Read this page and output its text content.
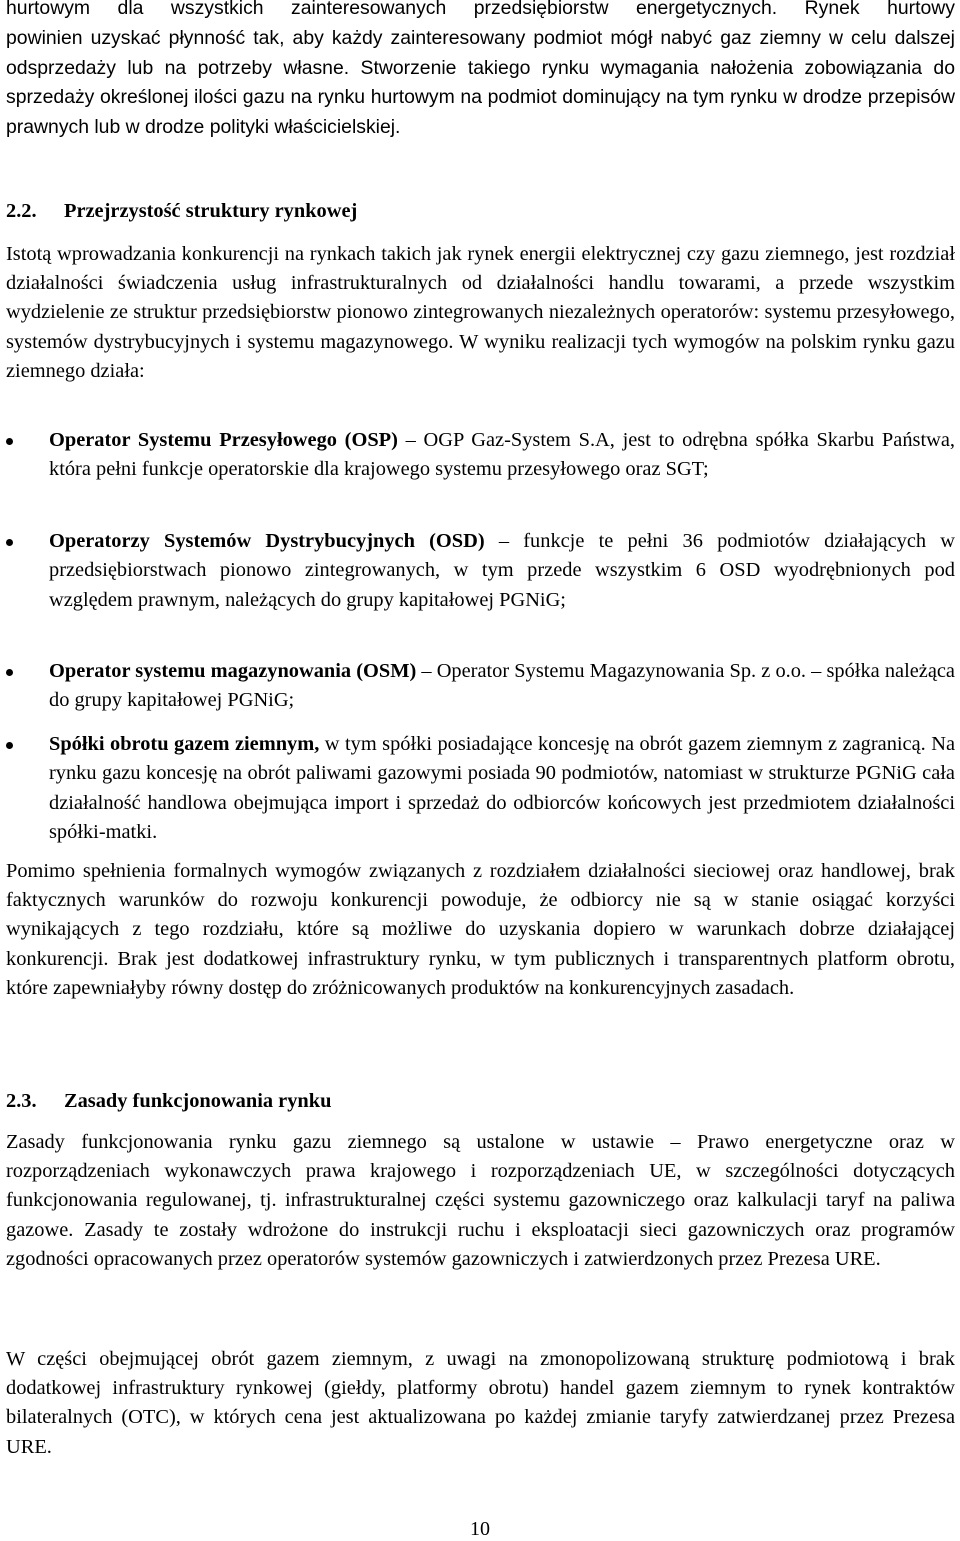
hurtowym dla wszystkich zainteresowanych przedsiębiorstw energetycznych. Rynek hurtowy
powinien uzyskać płynność tak, aby każdy zainteresowany podmiot mógł nabyć gaz ziemny w celu dalszej odsprzedaży lub na potrzeby własne. Stworzenie takiego rynku wymagania nałożenia zobowiązania do sprzedaży określonej ilości gazu na rynku hurtowym na podmiot dominujący na tym rynku w drodze przepisów prawnych lub w drodze polityki właścicielskiej.
2.2. Przejrzystość struktury rynkowej

Istotą wprowadzania konkurencji na rynkach takich jak rynek energii elektrycznej czy gazu ziemnego, jest rozdział działalności świadczenia usług infrastrukturalnych od działalności handlu towarami, a przede wszystkim wydzielenie ze struktur przedsiębiorstw pionowo zintegrowanych niezależnych operatorów: systemu przesyłowego, systemów dystrybucyjnych i systemu magazynowego. W wyniku realizacji tych wymogów na polskim rynku gazu ziemnego działa:

Operator Systemu Przesyłowego (OSP) – OGP Gaz-System S.A, jest to odrębna spółka Skarbu Państwa, która pełni funkcje operatorskie dla krajowego systemu przesyłowego oraz SGT;

Operatorzy Systemów Dystrybucyjnych (OSD) – funkcje te pełni 36 podmiotów działających w przedsiębiorstwach pionowo zintegrowanych, w tym przede wszystkim 6 OSD wyodrębnionych pod względem prawnym, należących do grupy kapitałowej PGNiG;

Operator systemu magazynowania (OSM) – Operator Systemu Magazynowania Sp. z o.o. – spółka należąca do grupy kapitałowej PGNiG;

Spółki obrotu gazem ziemnym, w tym spółki posiadające koncesję na obrót gazem ziemnym z zagranicą. Na rynku gazu koncesję na obrót paliwami gazowymi posiada 90 podmiotów, natomiast w strukturze PGNiG cała działalność handlowa obejmująca import i sprzedaż do odbiorców końcowych jest przedmiotem działalności spółki-matki.

Pomimo spełnienia formalnych wymogów związanych z rozdziałem działalności sieciowej oraz handlowej, brak faktycznych warunków do rozwoju konkurencji powoduje, że odbiorcy nie są w stanie osiągać korzyści wynikających z tego rozdziału, które są możliwe do uzyskania dopiero w warunkach dobrze działającej konkurencji. Brak jest dodatkowej infrastruktury rynku, w tym publicznych i transparentnych platform obrotu, które zapewniałyby równy dostęp do zróżnicowanych produktów na konkurencyjnych zasadach.

2.3. Zasady funkcjonowania rynku

Zasady funkcjonowania rynku gazu ziemnego są ustalone w ustawie – Prawo energetyczne oraz w rozporządzeniach wykonawczych prawa krajowego i rozporządzeniach UE, w szczególności dotyczących funkcjonowania regulowanej, tj. infrastrukturalnej części systemu gazowniczego oraz kalkulacji taryf na paliwa gazowe. Zasady te zostały wdrożone do instrukcji ruchu i eksploatacji sieci gazowniczych oraz programów zgodności opracowanych przez operatorów systemów gazowniczych i zatwierdzonych przez Prezesa URE.

W części obejmującej obrót gazem ziemnym, z uwagi na zmonopolizowaną strukturę podmiotową i brak dodatkowej infrastruktury rynkowej (giełdy, platformy obrotu) handel gazem ziemnym to rynek kontraktów bilateralnych (OTC), w których cena jest aktualizowana po każdej zmianie taryfy zatwierdzanej przez Prezesa URE.

10
